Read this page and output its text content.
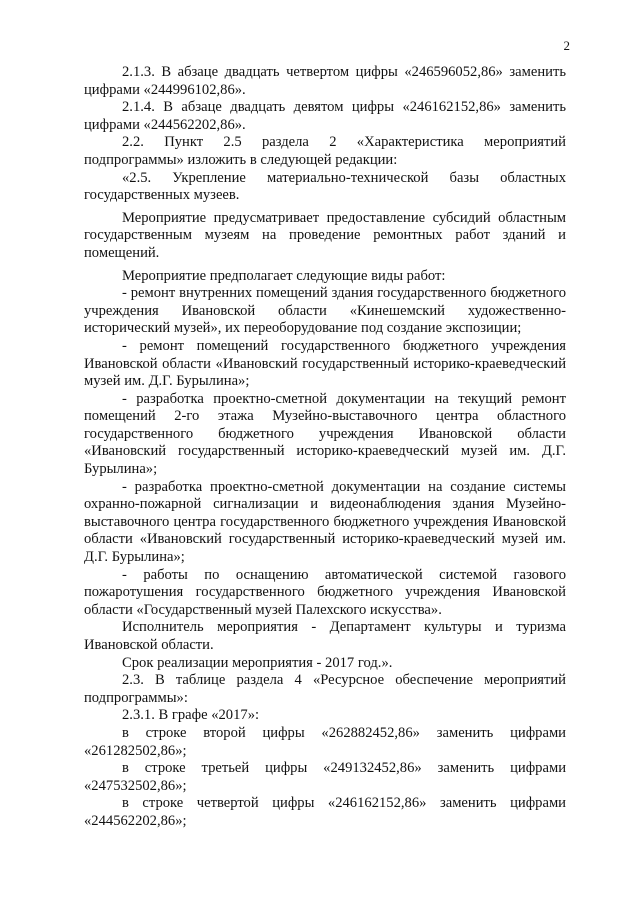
2

2.1.3. В абзаце двадцать четвертом цифры «246596052,86» заменить цифрами «244996102,86».

2.1.4. В абзаце двадцать девятом цифры «246162152,86» заменить цифрами «244562202,86».

2.2. Пункт 2.5 раздела 2 «Характеристика мероприятий подпрограммы» изложить в следующей редакции:

«2.5. Укрепление материально-технической базы областных государственных музеев.

Мероприятие предусматривает предоставление субсидий областным государственным музеям на проведение ремонтных работ зданий и помещений.

Мероприятие предполагает следующие виды работ:

- ремонт внутренних помещений здания государственного бюджетного учреждения Ивановской области «Кинешемский художественно-исторический музей», их переоборудование под создание экспозиции;

- ремонт помещений государственного бюджетного учреждения Ивановской области «Ивановский государственный историко-краеведческий музей им. Д.Г. Бурылина»;

- разработка проектно-сметной документации на текущий ремонт помещений 2-го этажа Музейно-выставочного центра областного государственного бюджетного учреждения Ивановской области «Ивановский государственный историко-краеведческий музей им. Д.Г. Бурылина»;

- разработка проектно-сметной документации на создание системы охранно-пожарной сигнализации и видеонаблюдения здания Музейно-выставочного центра государственного бюджетного учреждения Ивановской области «Ивановский государственный историко-краеведческий музей им. Д.Г. Бурылина»;

- работы по оснащению автоматической системой газового пожаротушения государственного бюджетного учреждения Ивановской области «Государственный музей Палехского искусства».

Исполнитель мероприятия - Департамент культуры и туризма Ивановской области.

Срок реализации мероприятия - 2017 год.».

2.3. В таблице раздела 4 «Ресурсное обеспечение мероприятий подпрограммы»:

2.3.1. В графе «2017»:

в строке второй цифры «262882452,86» заменить цифрами «261282502,86»;

в строке третьей цифры «249132452,86» заменить цифрами «247532502,86»;

в строке четвертой цифры «246162152,86» заменить цифрами «244562202,86»;
